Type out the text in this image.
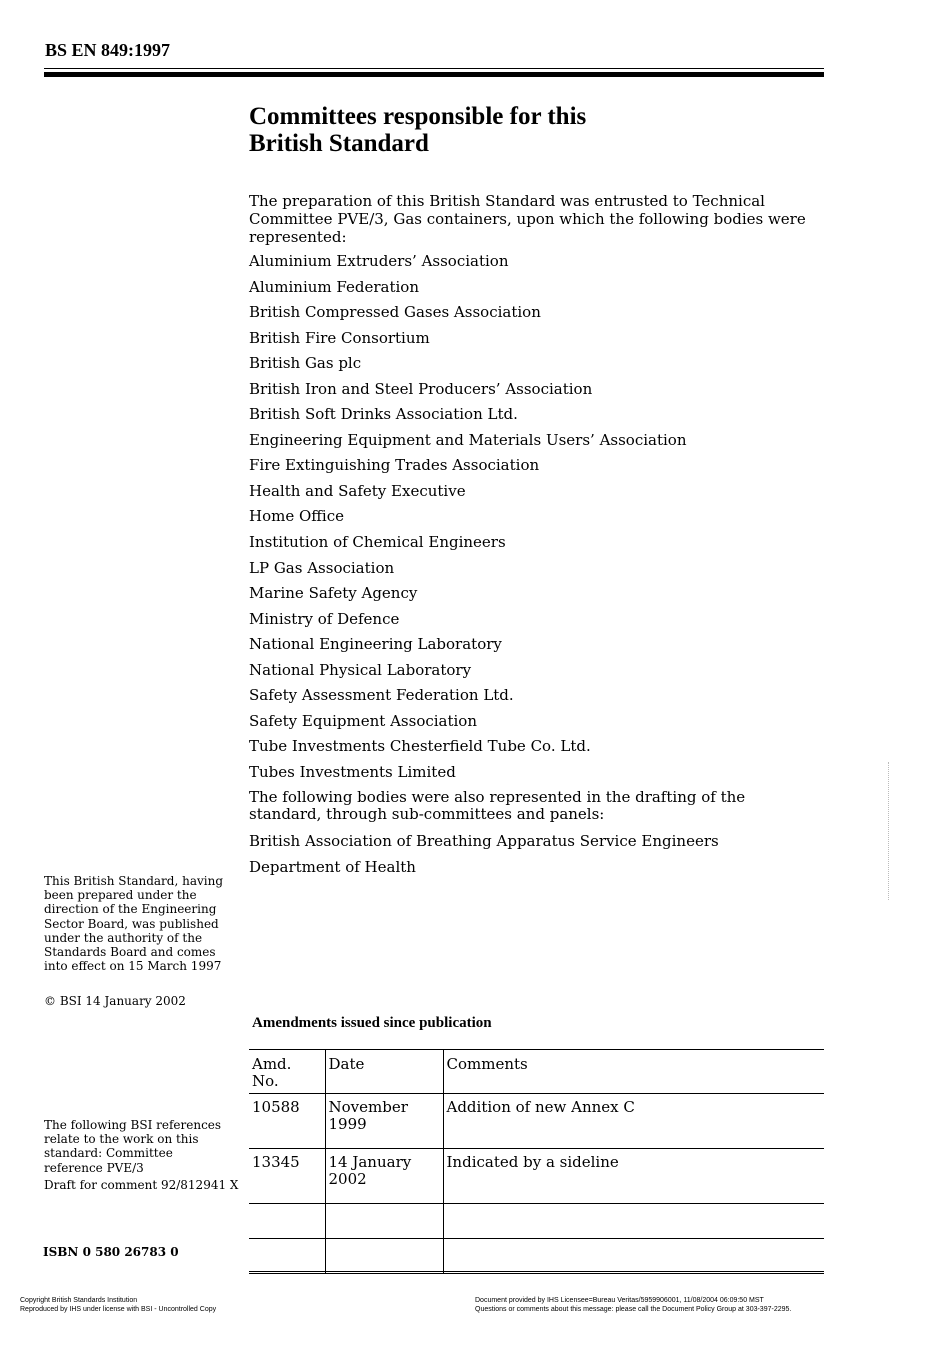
BS EN 849:1997
Committees responsible for this
British Standard
The preparation of this British Standard was entrusted to Technical Committee PVE/3, Gas containers, upon which the following bodies were represented:
Aluminium Extruders’ Association
Aluminium Federation
British Compressed Gases Association
British Fire Consortium
British Gas plc
British Iron and Steel Producers’ Association
British Soft Drinks Association Ltd.
Engineering Equipment and Materials Users’ Association
Fire Extinguishing Trades Association
Health and Safety Executive
Home Office
Institution of Chemical Engineers
LP Gas Association
Marine Safety Agency
Ministry of Defence
National Engineering Laboratory
National Physical Laboratory
Safety Assessment Federation Ltd.
Safety Equipment Association
Tube Investments Chesterfield Tube Co. Ltd.
Tubes Investments Limited
The following bodies were also represented in the drafting of the standard, through sub-committees and panels:
British Association of Breathing Apparatus Service Engineers
Department of Health
This British Standard, having been prepared under the direction of the Engineering Sector Board, was published under the authority of the Standards Board and comes into effect on 15 March 1997
© BSI 14 January 2002
The following BSI references relate to the work on this standard: Committee reference PVE/3
Draft for comment 92/812941 X
ISBN 0 580 26783 0
Amendments issued since publication
Amd. No.	Date	Comments
10588	November 1999	Addition of new Annex C
13345	14 January 2002	Indicated by a sideline

Copyright British Standards Institution
Reproduced by IHS under license with BSI - Uncontrolled Copy
Document provided by IHS Licensee=Bureau Veritas/5959906001, 11/08/2004 06:09:50 MST Questions or comments about this message: please call the Document Policy Group at 303-397-2295.
